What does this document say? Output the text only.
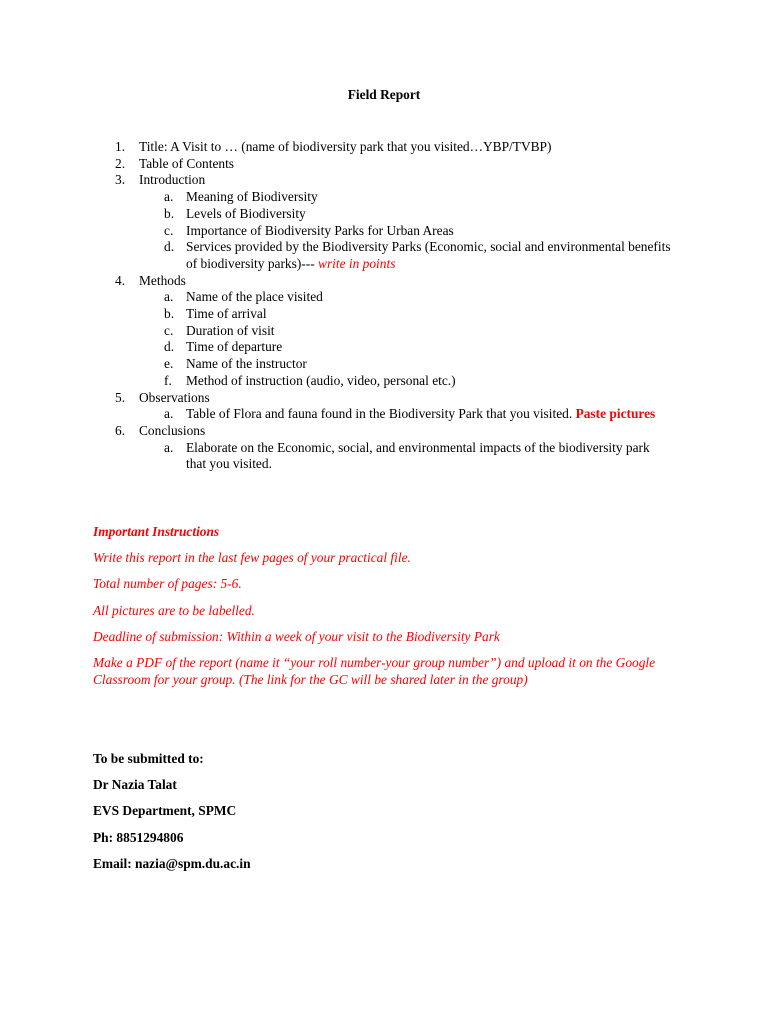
Field Report
1. Title: A Visit to … (name of biodiversity park that you visited…YBP/TVBP)
2. Table of Contents
3. Introduction
a. Meaning of Biodiversity
b. Levels of Biodiversity
c. Importance of Biodiversity Parks for Urban Areas
d. Services provided by the Biodiversity Parks (Economic, social and environmental benefits of biodiversity parks)--- write in points
4. Methods
a. Name of the place visited
b. Time of arrival
c. Duration of visit
d. Time of departure
e. Name of the instructor
f. Method of instruction (audio, video, personal etc.)
5. Observations
a. Table of Flora and fauna found in the Biodiversity Park that you visited. Paste pictures
6. Conclusions
a. Elaborate on the Economic, social, and environmental impacts of the biodiversity park that you visited.

Important Instructions

Write this report in the last few pages of your practical file.

Total number of pages: 5-6.

All pictures are to be labelled.

Deadline of submission: Within a week of your visit to the Biodiversity Park

Make a PDF of the report (name it “your roll number-your group number”) and upload it on the Google Classroom for your group. (The link for the GC will be shared later in the group)

To be submitted to:

Dr Nazia Talat

EVS Department, SPMC

Ph: 8851294806

Email: nazia@spm.du.ac.in
